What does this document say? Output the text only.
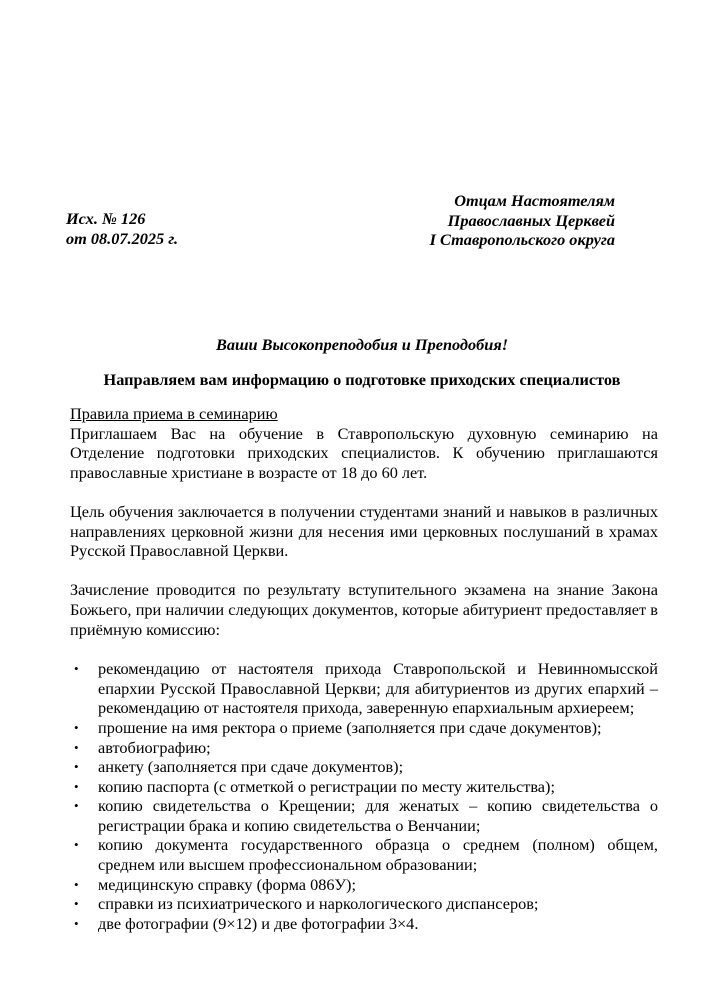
Исх. № 126
от 08.07.2025 г.
Отцам Настоятелям
Православных Церквей
I Ставропольского округа
Ваши Высокопреподобия и Преподобия!
Направляем вам информацию о подготовке приходских специалистов
Правила приема в семинарию

Приглашаем Вас на обучение в Ставропольскую духовную семинарию на Отделение подготовки приходских специалистов. К обучению приглашаются православные христиане в возрасте от 18 до 60 лет.

Цель обучения заключается в получении студентами знаний и навыков в различных направлениях церковной жизни для несения ими церковных послушаний в храмах Русской Православной Церкви.

Зачисление проводится по результату вступительного экзамена на знание Закона Божьего, при наличии следующих документов, которые абитуриент предоставляет в приёмную комиссию:

• рекомендацию от настоятеля прихода Ставропольской и Невинномысской епархии Русской Православной Церкви; для абитуриентов из других епархий – рекомендацию от настоятеля прихода, заверенную епархиальным архиереем;
• прошение на имя ректора о приеме (заполняется при сдаче документов);
• автобиографию;
• анкету (заполняется при сдаче документов);
• копию паспорта (с отметкой о регистрации по месту жительства);
• копию свидетельства о Крещении; для женатых – копию свидетельства о регистрации брака и копию свидетельства о Венчании;
• копию документа государственного образца о среднем (полном) общем, среднем или высшем профессиональном образовании;
• медицинскую справку (форма 086У);
• справки из психиатрического и наркологического диспансеров;
• две фотографии (9×12) и две фотографии 3×4.
